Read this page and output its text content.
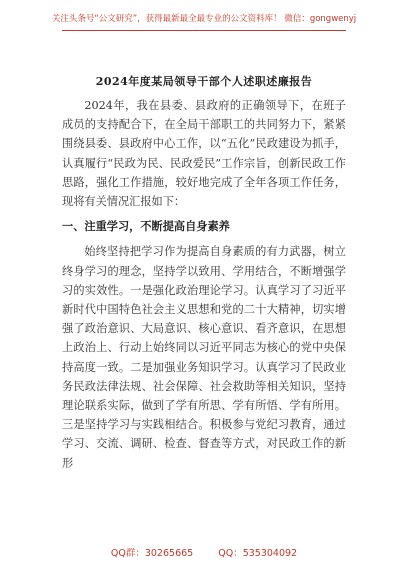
关注头条号“公文研究”，获得最新最全最专业的公文资料库！ 微信：gongwenyj
2024年度某局领导干部个人述职述廉报告

2024年，我在县委、县政府的正确领导下，在班子成员的支持配合下，在全局干部职工的共同努力下，紧紧围绕县委、县政府中心工作，以“五化”民政建设为抓手，认真履行“民政为民、民政爱民”工作宗旨，创新民政工作思路，强化工作措施，较好地完成了全年各项工作任务，现将有关情况汇报如下：

一、注重学习，不断提高自身素养

始终坚持把学习作为提高自身素质的有力武器，树立终身学习的理念，坚持学以致用、学用结合，不断增强学习的实效性。一是强化政治理论学习。认真学习了习近平新时代中国特色社会主义思想和党的二十大精神，切实增强了政治意识、大局意识、核心意识、看齐意识，在思想上政治上、行动上始终同以习近平同志为核心的党中央保持高度一致。二是加强业务知识学习。认真学习了民政业务民政法律法规、社会保障、社会救助等相关知识，坚持理论联系实际，做到了学有所思、学有所悟、学有所用。三是坚持学习与实践相结合。积极参与党纪习教育，通过学习、交流、调研、检查、督查等方式，对民政工作的新形

QQ群：30265665	QQ：535304092
